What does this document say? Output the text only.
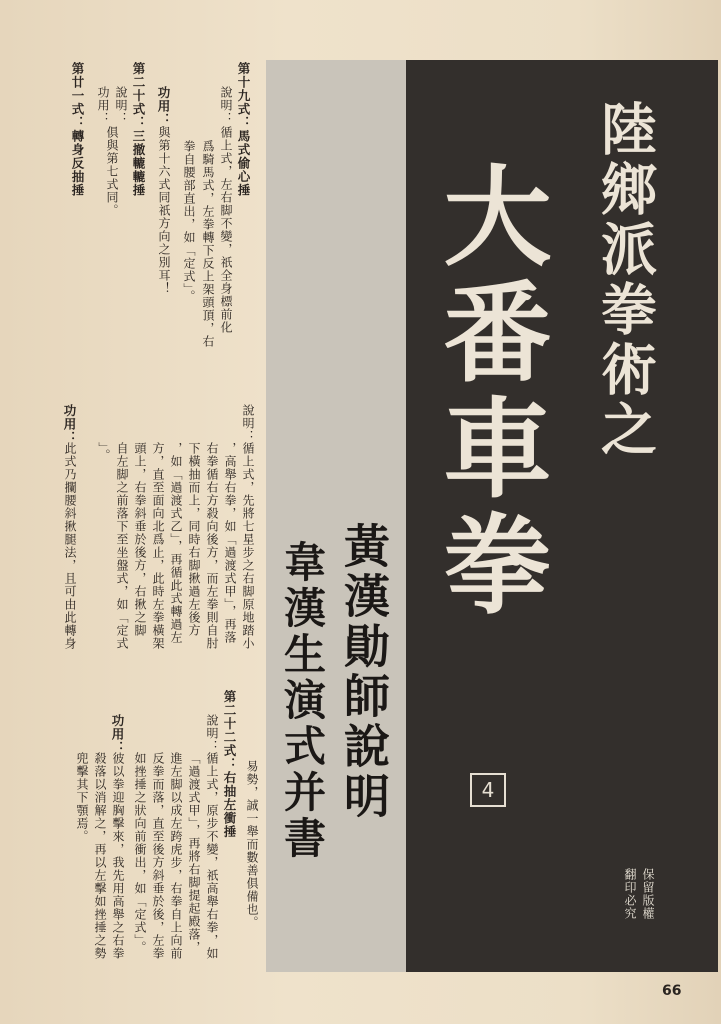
陸鄉派拳術之
大番車拳
黃漢勛師說明
韋漢生演式并書	4
保留版權
翻印必究
第十九式：馬式偷心捶
說明：
循上式，左右脚不變，祇全身標前化
爲騎馬式，左拳轉下反上架頭頂，右
拳自腰部直出，如「定式」。
功用：
與第十六式同祇方向之別耳！
第二十式：三撤轆轆捶
說明：
功用：
俱與第七式同。
第廿一式：轉身反抽捶
說明：
循上式，先將七星步之右脚原地踏小
，高舉右拳，如「過渡式甲」，再落
右拳循右方殺向後方，而左拳則自肘
下橫抽而上，同時右脚揪過左後方
，如「過渡式乙」，再循此式轉過左
方，直至面向北爲止，此時左拳橫架
頭上，右拳斜垂於後方，右揪之脚
自左脚之前落下至坐盤式，如「定式
」。
功用：
此式乃攔腰斜揪腿法，且可由此轉身
易勢，誠一舉而數善俱備也。
第二十二式：右抽左衝捶
說明：
循上式，原步不變，祇高舉右拳，如
「過渡式甲」，再將右脚提起殿落，
進左脚以成左跨虎步，右拳自上向前
反拳而落，直至後方斜垂於後，左拳
如挫捶之狀向前衝出，如「定式」。
功用：
彼以拳迎胸擊來，我先用高舉之右拳
殺落以消解之，再以左擊如挫捶之勢
兜擊其下顎焉。
66
